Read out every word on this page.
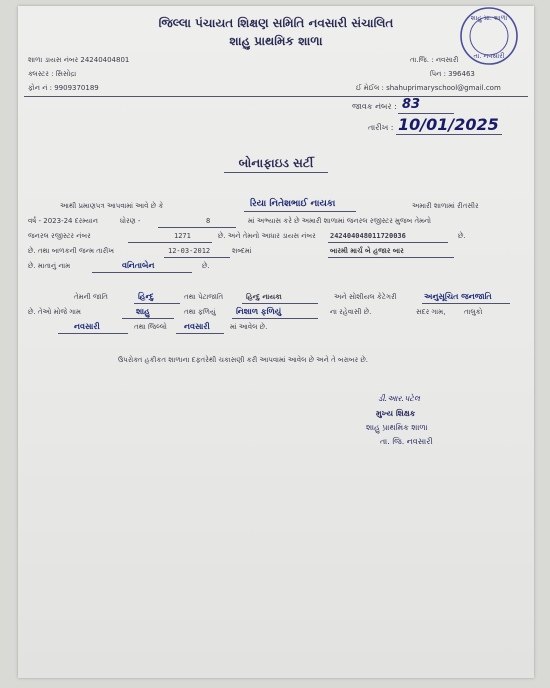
જિલ્લા પંચાયત શિક્ષણ સમિતિ નવસારી સંચાલિત
શાહુ પ્રાથમિક શાળા
શાહુ પ્રા. શાળા
તા. નવસારી
શાળા ડાયસ નંબર 24240404801	તા.જિ. : નવસારી
ક્લસ્ટર : સિસોદ્રા	પિન : 396463
ફોન નં : 9909370189	ઈ મેઈલ : shahuprimaryschool@gmail.com
જાવક નંબર : 83
તારીખ : 10/01/2025
બોનાફાઇડ સર્ટી
આથી પ્રમાણપત્ર આપવામાં આવે છે કે	રિયા નિતેશભાઈ નાયકા	અમારી શાળામાં રીતસીર
વર્ષ - 2023-24 દરમ્યાન	ધોરણ -	8	માં અભ્યાસ કરે છે અમારી શાળામાં જનરલ રજીસ્ટર મુજબ તેમનો
જનરલ રજીસ્ટર નંબર	1271	છે. અને તેમનો આધાર ડાયસ નંબર 242404048011720036	છે.
છે. તથા બાળકની જન્મ તારીખ	12-03-2012	શબ્દમાં	બારમી માર્ચ બે હજાર બાર
છે. માતાનું નામ	વનિતાબેન	છે.
તેમની જાતિ	હિન્દુ	તથા પેટાજાતિ	હિન્દુ નાયકા	અને સોશીયલ કેટેગરી	અનુસૂચિત જનજાતિ
છે. તેઓ મોજે ગામ	શાહુ	તથા ફળિયું	નિશાળ ફળિયું	ના રહેવાસી છે.	સદર ગામ,	તાલુકો
નવસારી	તથા જિલ્લો નવસારી	માં આવેલ છે.
ઉપરોક્ત હકીકત શાળાના દફતરેથી ચકાસણી કરી આપવામાં આવેલ છે અને તે બરાબર છે.
ડી.આર.પટેલ
મુખ્ય શિક્ષક
શાહુ પ્રાથમિક શાળા
તા. જિ. નવસારી
